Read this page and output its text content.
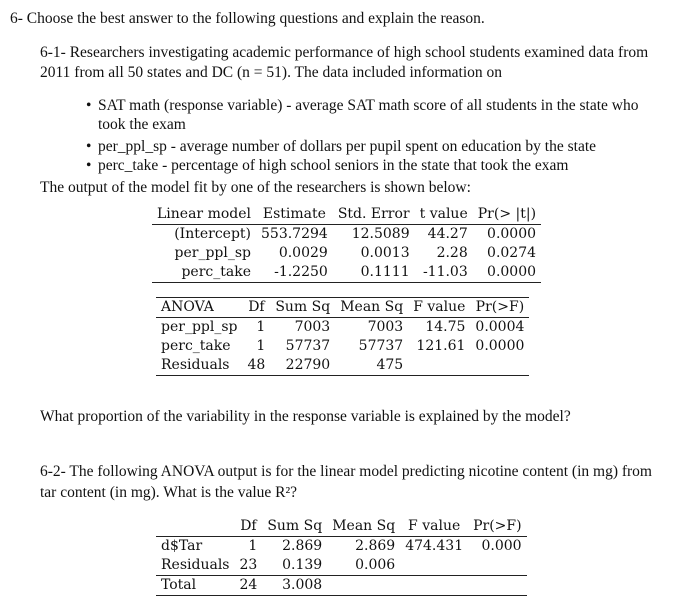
6- Choose the best answer to the following questions and explain the reason.
6-1- Researchers investigating academic performance of high school students examined data from
2011 from all 50 states and DC (n = 51). The data included information on
• SAT math (response variable) - average SAT math score of all students in the state who
took the exam
• per_ppl_sp - average number of dollars per pupil spent on education by the state
• perc_take - percentage of high school seniors in the state that took the exam
The output of the model fit by one of the researchers is shown below:
Linear model	Estimate	Std. Error	t value	Pr(> |t|)
(Intercept)	553.7294	12.5089	44.27	0.0000
per_ppl_sp	0.0029	0.0013	2.28	0.0274
perc_take	-1.2250	0.1111	-11.03	0.0000
ANOVA	Df	Sum Sq	Mean Sq	F value	Pr(>F)
per_ppl_sp	1	7003	7003	14.75	0.0004
perc_take	1	57737	57737	121.61	0.0000
Residuals	48	22790	475		
What proportion of the variability in the response variable is explained by the model?
6-2- The following ANOVA output is for the linear model predicting nicotine content (in mg) from
tar content (in mg). What is the value R²?
	Df	Sum Sq	Mean Sq	F value	Pr(>F)
d$Tar	1	2.869	2.869	474.431	0.000
Residuals	23	0.139	0.006		
Total	24	3.008			
